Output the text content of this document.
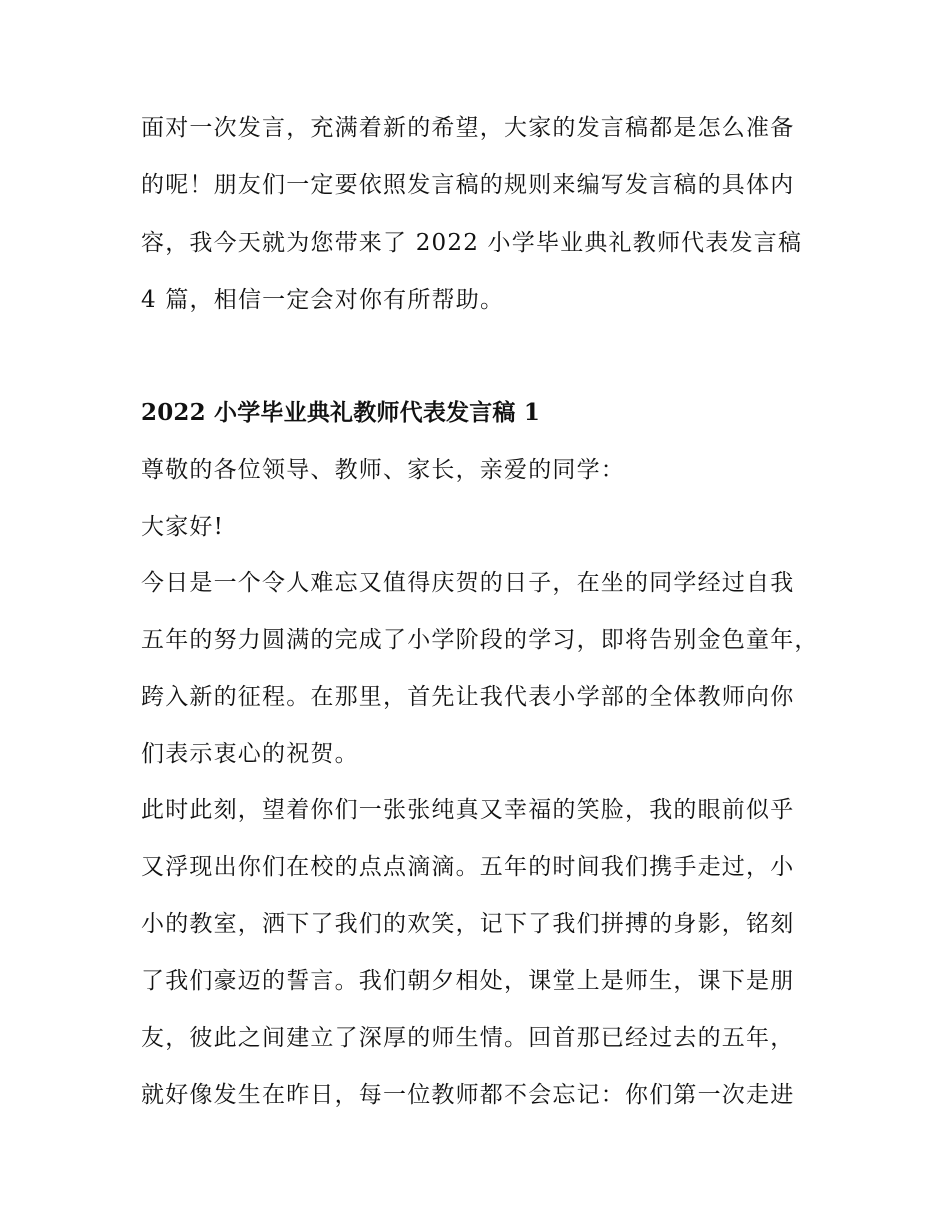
面对一次发言，充满着新的希望，大家的发言稿都是怎么准备
的呢！朋友们一定要依照发言稿的规则来编写发言稿的具体内
容，我今天就为您带来了 2022 小学毕业典礼教师代表发言稿
4 篇，相信一定会对你有所帮助。
2022 小学毕业典礼教师代表发言稿 1
尊敬的各位领导、教师、家长，亲爱的同学：
大家好!
今日是一个令人难忘又值得庆贺的日子，在坐的同学经过自我
五年的努力圆满的完成了小学阶段的学习，即将告别金色童年，
跨入新的征程。在那里，首先让我代表小学部的全体教师向你
们表示衷心的祝贺。
此时此刻，望着你们一张张纯真又幸福的笑脸，我的眼前似乎
又浮现出你们在校的点点滴滴。五年的时间我们携手走过，小
小的教室，洒下了我们的欢笑，记下了我们拼搏的身影，铭刻
了我们豪迈的誓言。我们朝夕相处，课堂上是师生，课下是朋
友，彼此之间建立了深厚的师生情。回首那已经过去的五年，
就好像发生在昨日，每一位教师都不会忘记：你们第一次走进
